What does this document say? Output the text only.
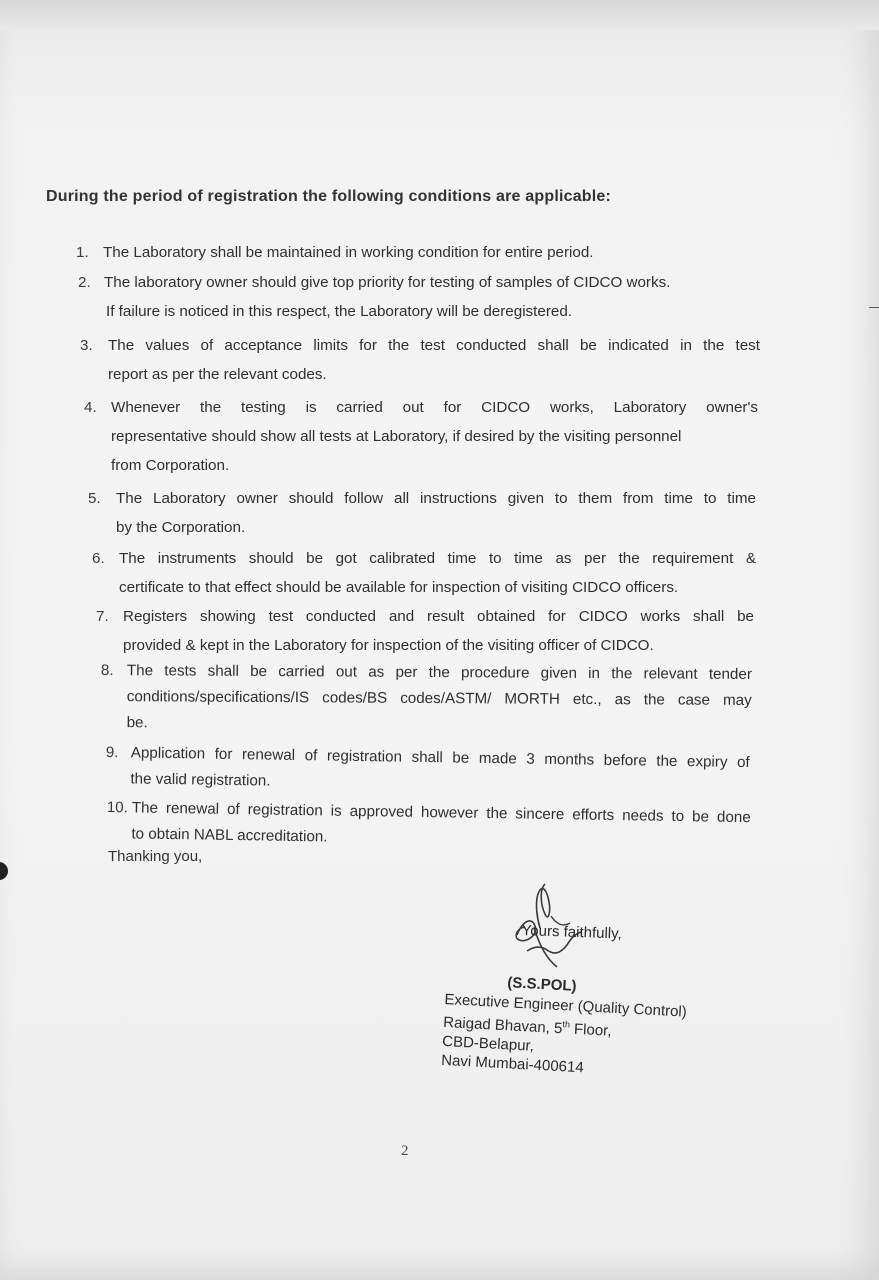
During the period of registration the following conditions are applicable:
1. The Laboratory shall be maintained in working condition for entire period.
2. The laboratory owner should give top priority for testing of samples of CIDCO works.
If failure is noticed in this respect, the Laboratory will be deregistered.
3. The values of acceptance limits for the test conducted shall be indicated in the test
report as per the relevant codes.
4. Whenever the testing is carried out for CIDCO works, Laboratory owner's
representative should show all tests at Laboratory, if desired by the visiting personnel
from Corporation.
5. The Laboratory owner should follow all instructions given to them from time to time
by the Corporation.
6. The instruments should be got calibrated time to time as per the requirement &
certificate to that effect should be available for inspection of visiting CIDCO officers.
7. Registers showing test conducted and result obtained for CIDCO works shall be
provided & kept in the Laboratory for inspection of the visiting officer of CIDCO.
8. The tests shall be carried out as per the procedure given in the relevant tender
conditions/specifications/IS codes/BS codes/ASTM/ MORTH etc., as the case may
be.
9. Application for renewal of registration shall be made 3 months before the expiry of
the valid registration.
10. The renewal of registration is approved however the sincere efforts needs to be done
to obtain NABL accreditation.
Thanking you,
Yours faithfully,
(S.S.POL)
Executive Engineer (Quality Control)
Raigad Bhavan, 5th Floor,
CBD-Belapur,
Navi Mumbai-400614
2
